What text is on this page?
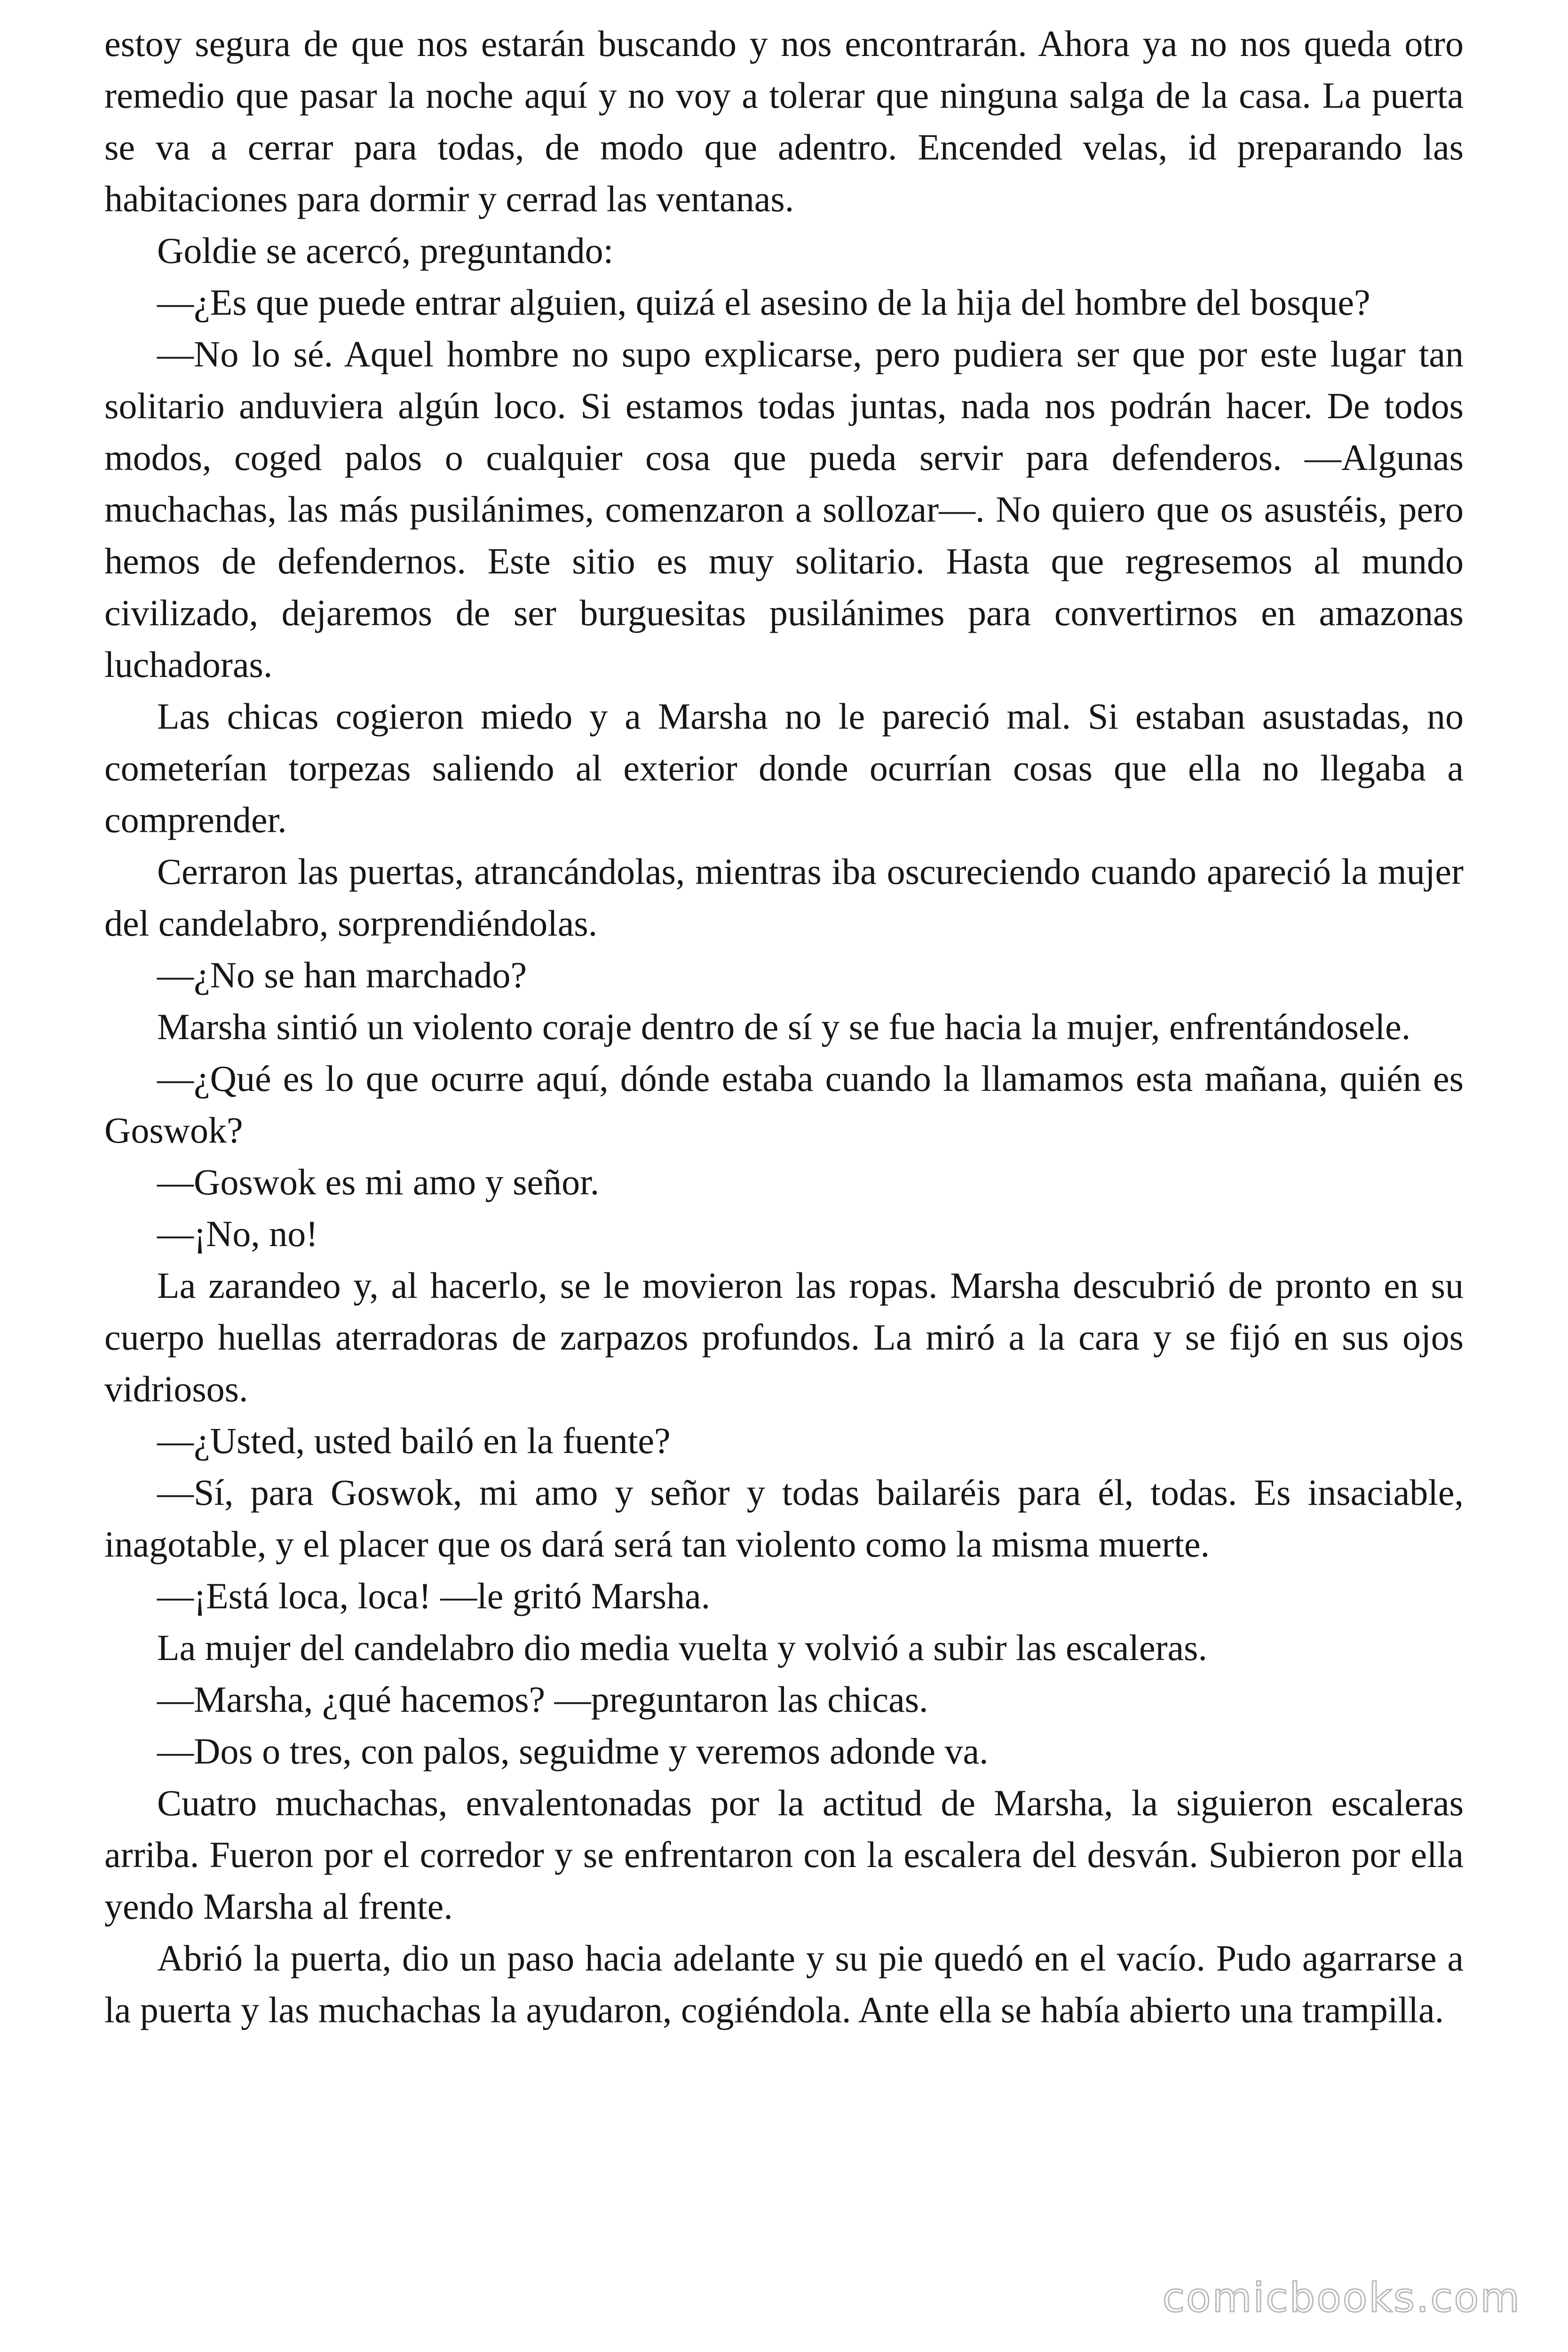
estoy segura de que nos estarán buscando y nos encontrarán. Ahora ya no nos queda otro remedio que pasar la noche aquí y no voy a tolerar que ninguna salga de la casa. La puerta se va a cerrar para todas, de modo que adentro. Encended velas, id preparando las habitaciones para dormir y cerrad las ventanas.

Goldie se acercó, preguntando:

—¿Es que puede entrar alguien, quizá el asesino de la hija del hombre del bosque?

—No lo sé. Aquel hombre no supo explicarse, pero pudiera ser que por este lugar tan solitario anduviera algún loco. Si estamos todas juntas, nada nos podrán hacer. De todos modos, coged palos o cualquier cosa que pueda servir para defenderos. —Algunas muchachas, las más pusilánimes, comenzaron a sollozar—. No quiero que os asustéis, pero hemos de defendernos. Este sitio es muy solitario. Hasta que regresemos al mundo civilizado, dejaremos de ser burguesitas pusilánimes para convertirnos en amazonas luchadoras.

Las chicas cogieron miedo y a Marsha no le pareció mal. Si estaban asustadas, no cometerían torpezas saliendo al exterior donde ocurrían cosas que ella no llegaba a comprender.

Cerraron las puertas, atrancándolas, mientras iba oscureciendo cuando apareció la mujer del candelabro, sorprendiéndolas.

—¿No se han marchado?

Marsha sintió un violento coraje dentro de sí y se fue hacia la mujer, enfrentándosele.

—¿Qué es lo que ocurre aquí, dónde estaba cuando la llamamos esta mañana, quién es Goswok?

—Goswok es mi amo y señor.

—¡No, no!

La zarandeo y, al hacerlo, se le movieron las ropas. Marsha descubrió de pronto en su cuerpo huellas aterradoras de zarpazos profundos. La miró a la cara y se fijó en sus ojos vidriosos.

—¿Usted, usted bailó en la fuente?

—Sí, para Goswok, mi amo y señor y todas bailaréis para él, todas. Es insaciable, inagotable, y el placer que os dará será tan violento como la misma muerte.

—¡Está loca, loca! —le gritó Marsha.

La mujer del candelabro dio media vuelta y volvió a subir las escaleras.

—Marsha, ¿qué hacemos? —preguntaron las chicas.

—Dos o tres, con palos, seguidme y veremos adonde va.

Cuatro muchachas, envalentonadas por la actitud de Marsha, la siguieron escaleras arriba. Fueron por el corredor y se enfrentaron con la escalera del desván. Subieron por ella yendo Marsha al frente.

Abrió la puerta, dio un paso hacia adelante y su pie quedó en el vacío. Pudo agarrarse a la puerta y las muchachas la ayudaron, cogiéndola. Ante ella se había abierto una trampilla.

comicbooks.com
